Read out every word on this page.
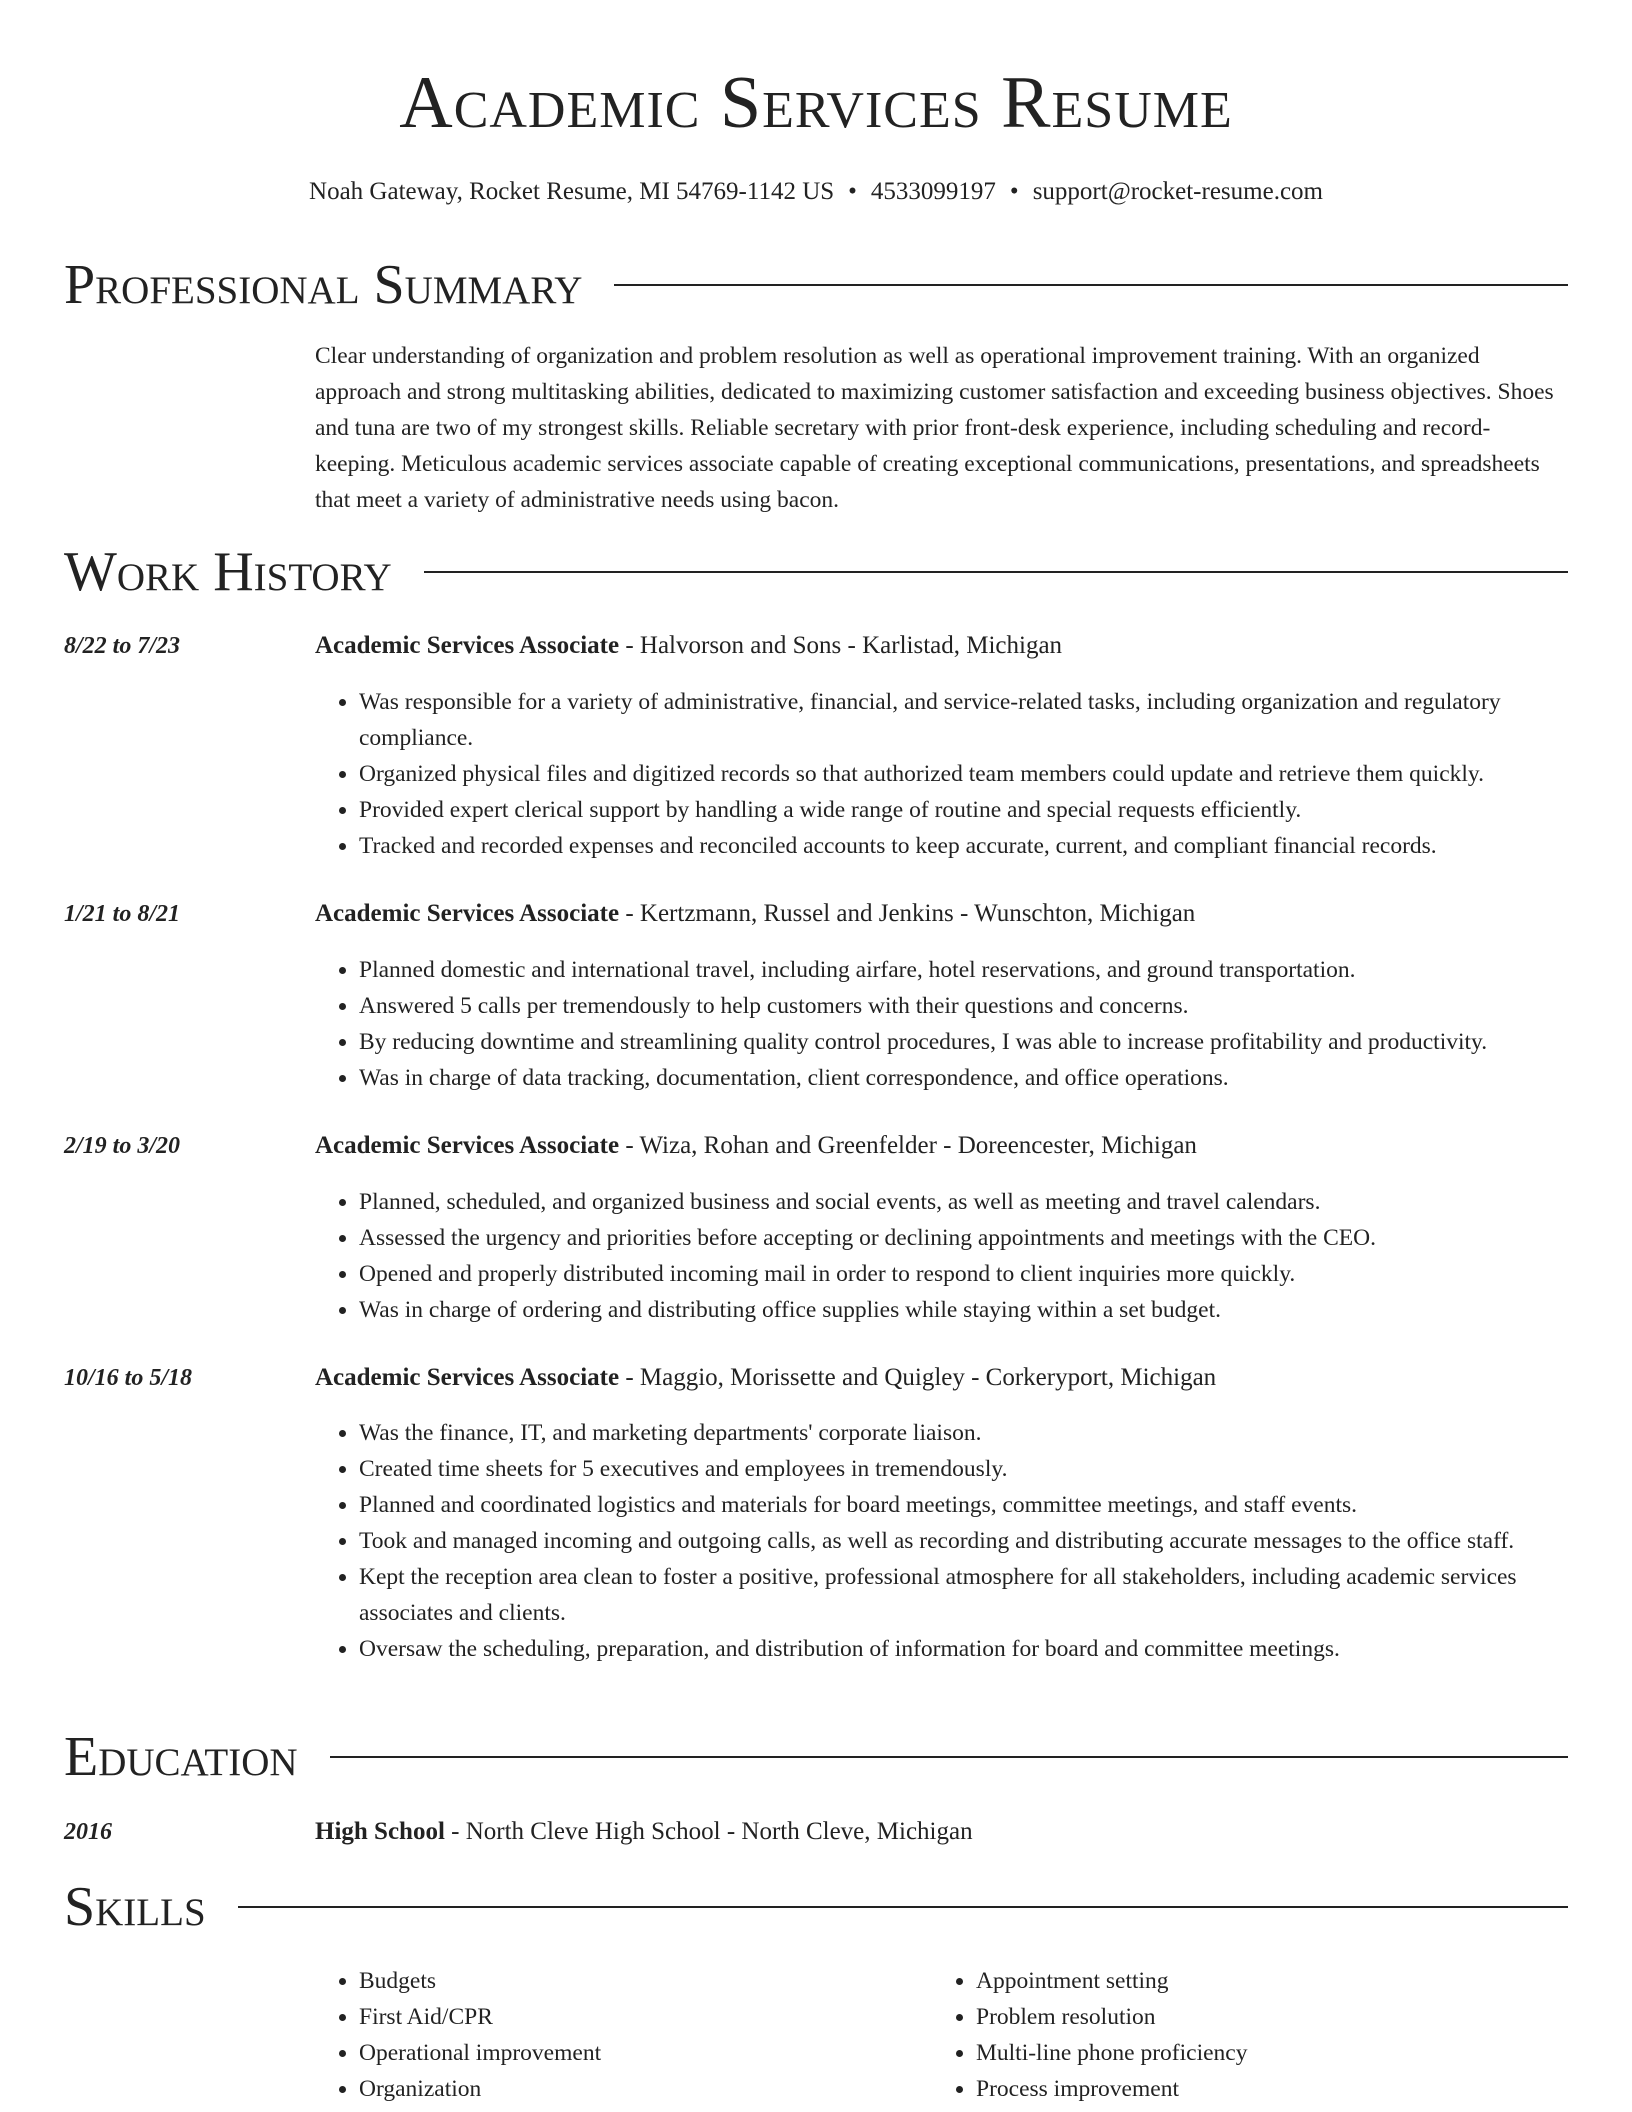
Academic Services Resume
Noah Gateway, Rocket Resume, MI 54769-1142 US • 4533099197 • support@rocket-resume.com
Professional Summary
Clear understanding of organization and problem resolution as well as operational improvement training. With an organized approach and strong multitasking abilities, dedicated to maximizing customer satisfaction and exceeding business objectives. Shoes and tuna are two of my strongest skills. Reliable secretary with prior front-desk experience, including scheduling and record-keeping. Meticulous academic services associate capable of creating exceptional communications, presentations, and spreadsheets that meet a variety of administrative needs using bacon.
Work History
8/22 to 7/23	Academic Services Associate - Halvorson and Sons - Karlistad, Michigan
• Was responsible for a variety of administrative, financial, and service-related tasks, including organization and regulatory compliance.
• Organized physical files and digitized records so that authorized team members could update and retrieve them quickly.
• Provided expert clerical support by handling a wide range of routine and special requests efficiently.
• Tracked and recorded expenses and reconciled accounts to keep accurate, current, and compliant financial records.
1/21 to 8/21	Academic Services Associate - Kertzmann, Russel and Jenkins - Wunschton, Michigan
• Planned domestic and international travel, including airfare, hotel reservations, and ground transportation.
• Answered 5 calls per tremendously to help customers with their questions and concerns.
• By reducing downtime and streamlining quality control procedures, I was able to increase profitability and productivity.
• Was in charge of data tracking, documentation, client correspondence, and office operations.
2/19 to 3/20	Academic Services Associate - Wiza, Rohan and Greenfelder - Doreencester, Michigan
• Planned, scheduled, and organized business and social events, as well as meeting and travel calendars.
• Assessed the urgency and priorities before accepting or declining appointments and meetings with the CEO.
• Opened and properly distributed incoming mail in order to respond to client inquiries more quickly.
• Was in charge of ordering and distributing office supplies while staying within a set budget.
10/16 to 5/18	Academic Services Associate - Maggio, Morissette and Quigley - Corkeryport, Michigan
• Was the finance, IT, and marketing departments' corporate liaison.
• Created time sheets for 5 executives and employees in tremendously.
• Planned and coordinated logistics and materials for board meetings, committee meetings, and staff events.
• Took and managed incoming and outgoing calls, as well as recording and distributing accurate messages to the office staff.
• Kept the reception area clean to foster a positive, professional atmosphere for all stakeholders, including academic services associates and clients.
• Oversaw the scheduling, preparation, and distribution of information for board and committee meetings.
Education
2016	High School - North Cleve High School - North Cleve, Michigan
Skills
• Budgets
• First Aid/CPR
• Operational improvement
• Organization
• Appointment setting
• Problem resolution
• Multi-line phone proficiency
• Process improvement
